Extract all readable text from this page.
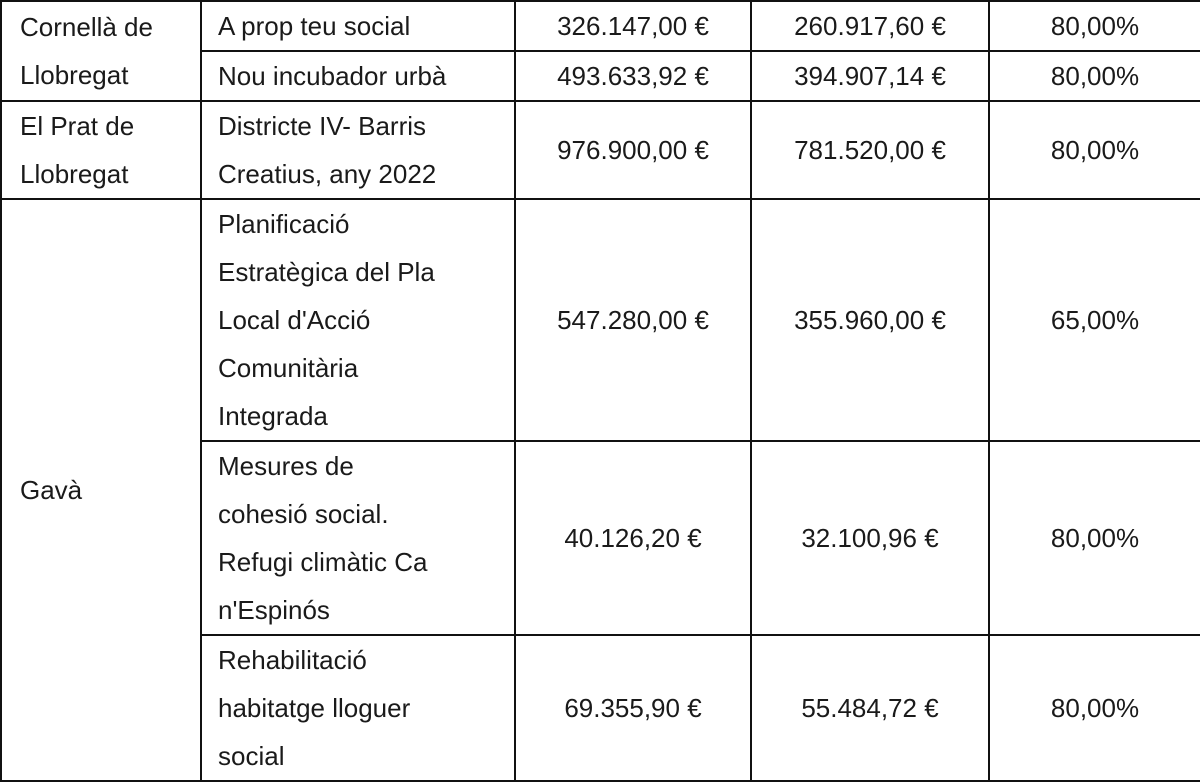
Cornellà de
Llobregat	A prop teu social	326.147,00 €	260.917,60 €	80,00%

	Nou incubador urbà	493.633,92 €	394.907,14 €	80,00%

El Prat de
Llobregat	Districte IV- Barris
Creatius, any 2022	976.900,00 €	781.520,00 €	80,00%

Gavà	Planificació
Estratègica del Pla
Local d'Acció
Comunitària
Integrada	547.280,00 €	355.960,00 €	65,00%

	Mesures de
cohesió social.
Refugi climàtic Ca
n'Espinós	40.126,20 €	32.100,96 €	80,00%

	Rehabilitació
habitatge lloguer
social	69.355,90 €	55.484,72 €	80,00%
